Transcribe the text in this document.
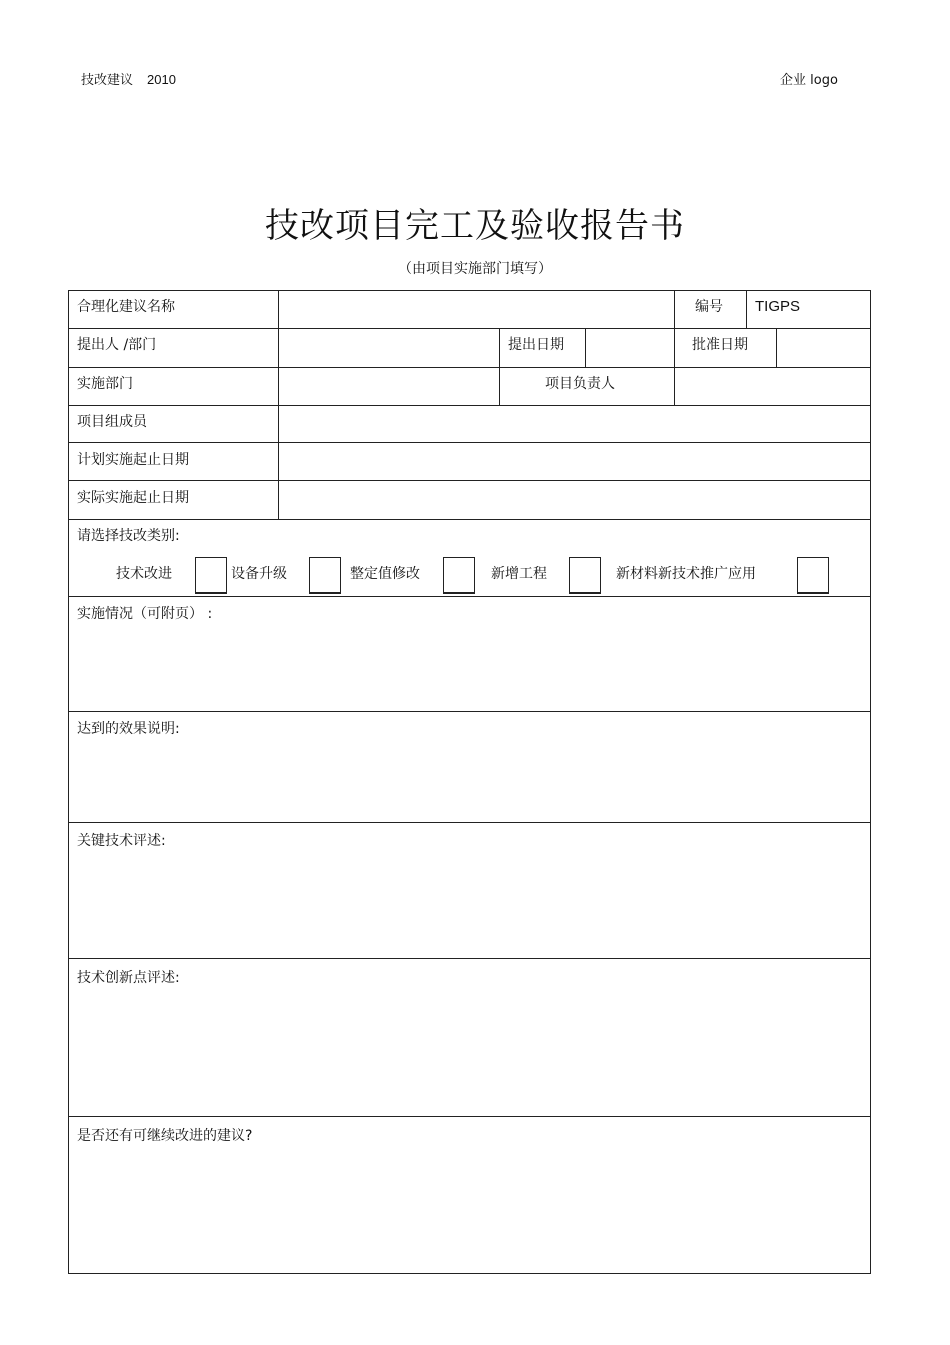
技改建议 2010	企业 logo
技改项目完工及验收报告书
（由项目实施部门填写）
合理化建议名称	编号 TIGPS
提出人 /部门	提出日期	批准日期
实施部门	项目负责人
项目组成员
计划实施起止日期
实际实施起止日期
请选择技改类别:
技术改进	设备升级	整定值修改	新增工程	新材料新技术推广应用
实施情况（可附页） :
达到的效果说明:
关键技术评述:
技术创新点评述:
是否还有可继续改进的建议?
